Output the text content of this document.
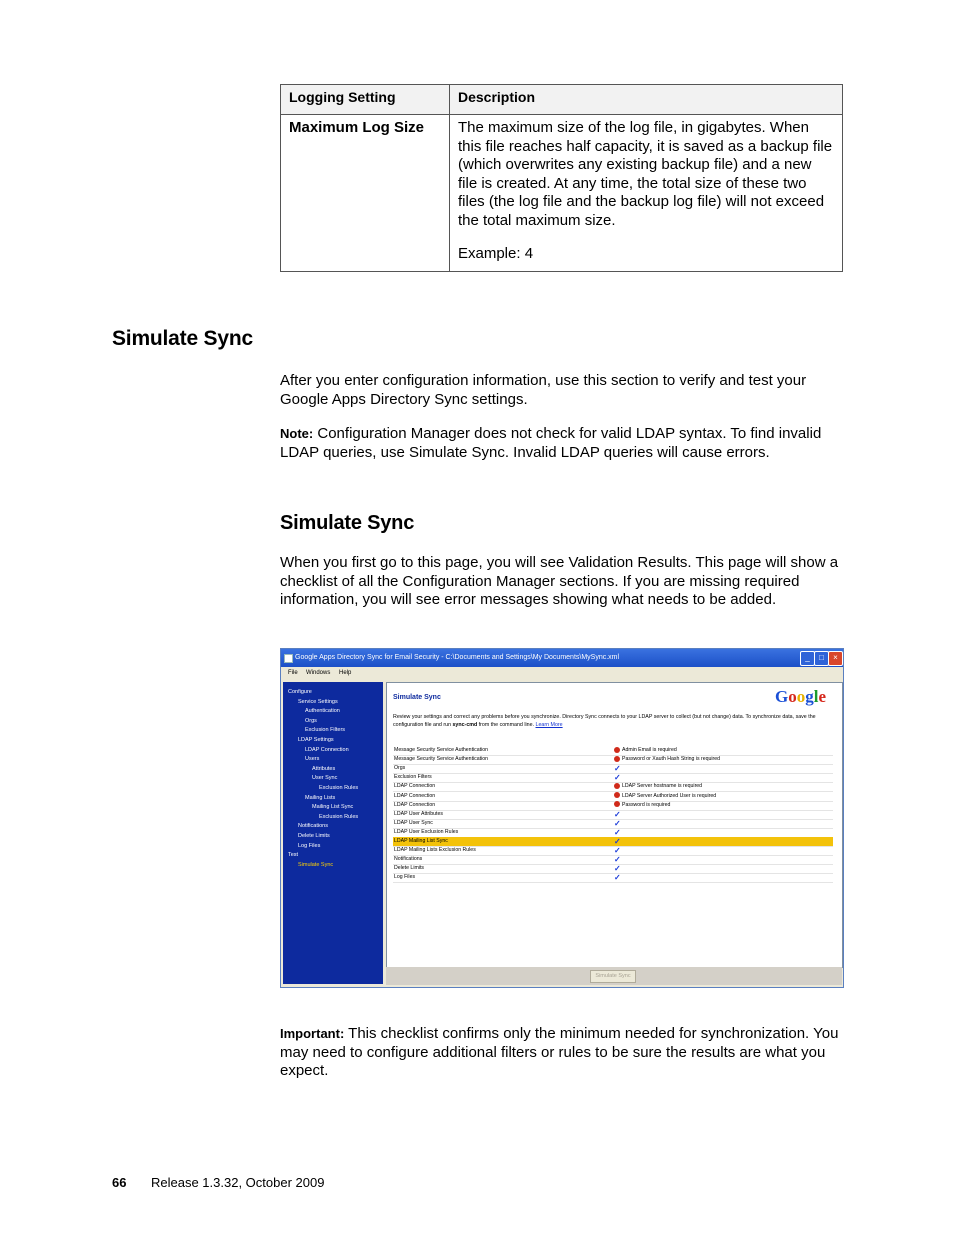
Logging Setting	Description
Maximum Log Size	The maximum size of the log file, in gigabytes. When this file reaches half capacity, it is saved as a backup file (which overwrites any existing backup file) and a new file is created. At any time, the total size of these two files (the log file and the backup log file) will not exceed the total maximum size.

Example: 4

Simulate Sync

After you enter configuration information, use this section to verify and test your Google Apps Directory Sync settings.

Note: Configuration Manager does not check for valid LDAP syntax. To find invalid LDAP queries, use Simulate Sync. Invalid LDAP queries will cause errors.

Simulate Sync

When you first go to this page, you will see Validation Results. This page will show a checklist of all the Configuration Manager sections. If you are missing required information, you will see error messages showing what needs to be added.

Google Apps Directory Sync for Email Security - C:\Documents and Settings\My Documents\MySync.xml	_	□	×
File Windows Help
Configure
Service Settings
Authentication
Orgs
Exclusion Filters
LDAP Settings
LDAP Connection
Users
Attributes
User Sync
Exclusion Rules
Mailing Lists
Mailing List Sync
Exclusion Rules
Notifications
Delete Limits
Log Files
Test
Simulate Sync
Simulate Sync	Google
Review your settings and correct any problems before you synchronize. Directory Sync connects to your LDAP server to collect (but not change) data. To synchronize data, save the configuration file and run sync-cmd from the command line. Learn More
Message Security Service Authentication	Admin Email is required
Message Security Service Authentication	Password or Xauth Hash String is required
Orgs	✓
Exclusion Filters	✓
LDAP Connection	LDAP Server hostname is required
LDAP Connection	LDAP Server Authorized User is required
LDAP Connection	Password is required
LDAP User Attributes	✓
LDAP User Sync	✓
LDAP User Exclusion Rules	✓
LDAP Mailing List Sync	✓
LDAP Mailing Lists Exclusion Rules	✓
Notifications	✓
Delete Limits	✓
Log Files	✓
Simulate Sync

Important: This checklist confirms only the minimum needed for synchronization. You may need to configure additional filters or rules to be sure the results are what you expect.

66 Release 1.3.32, October 2009
